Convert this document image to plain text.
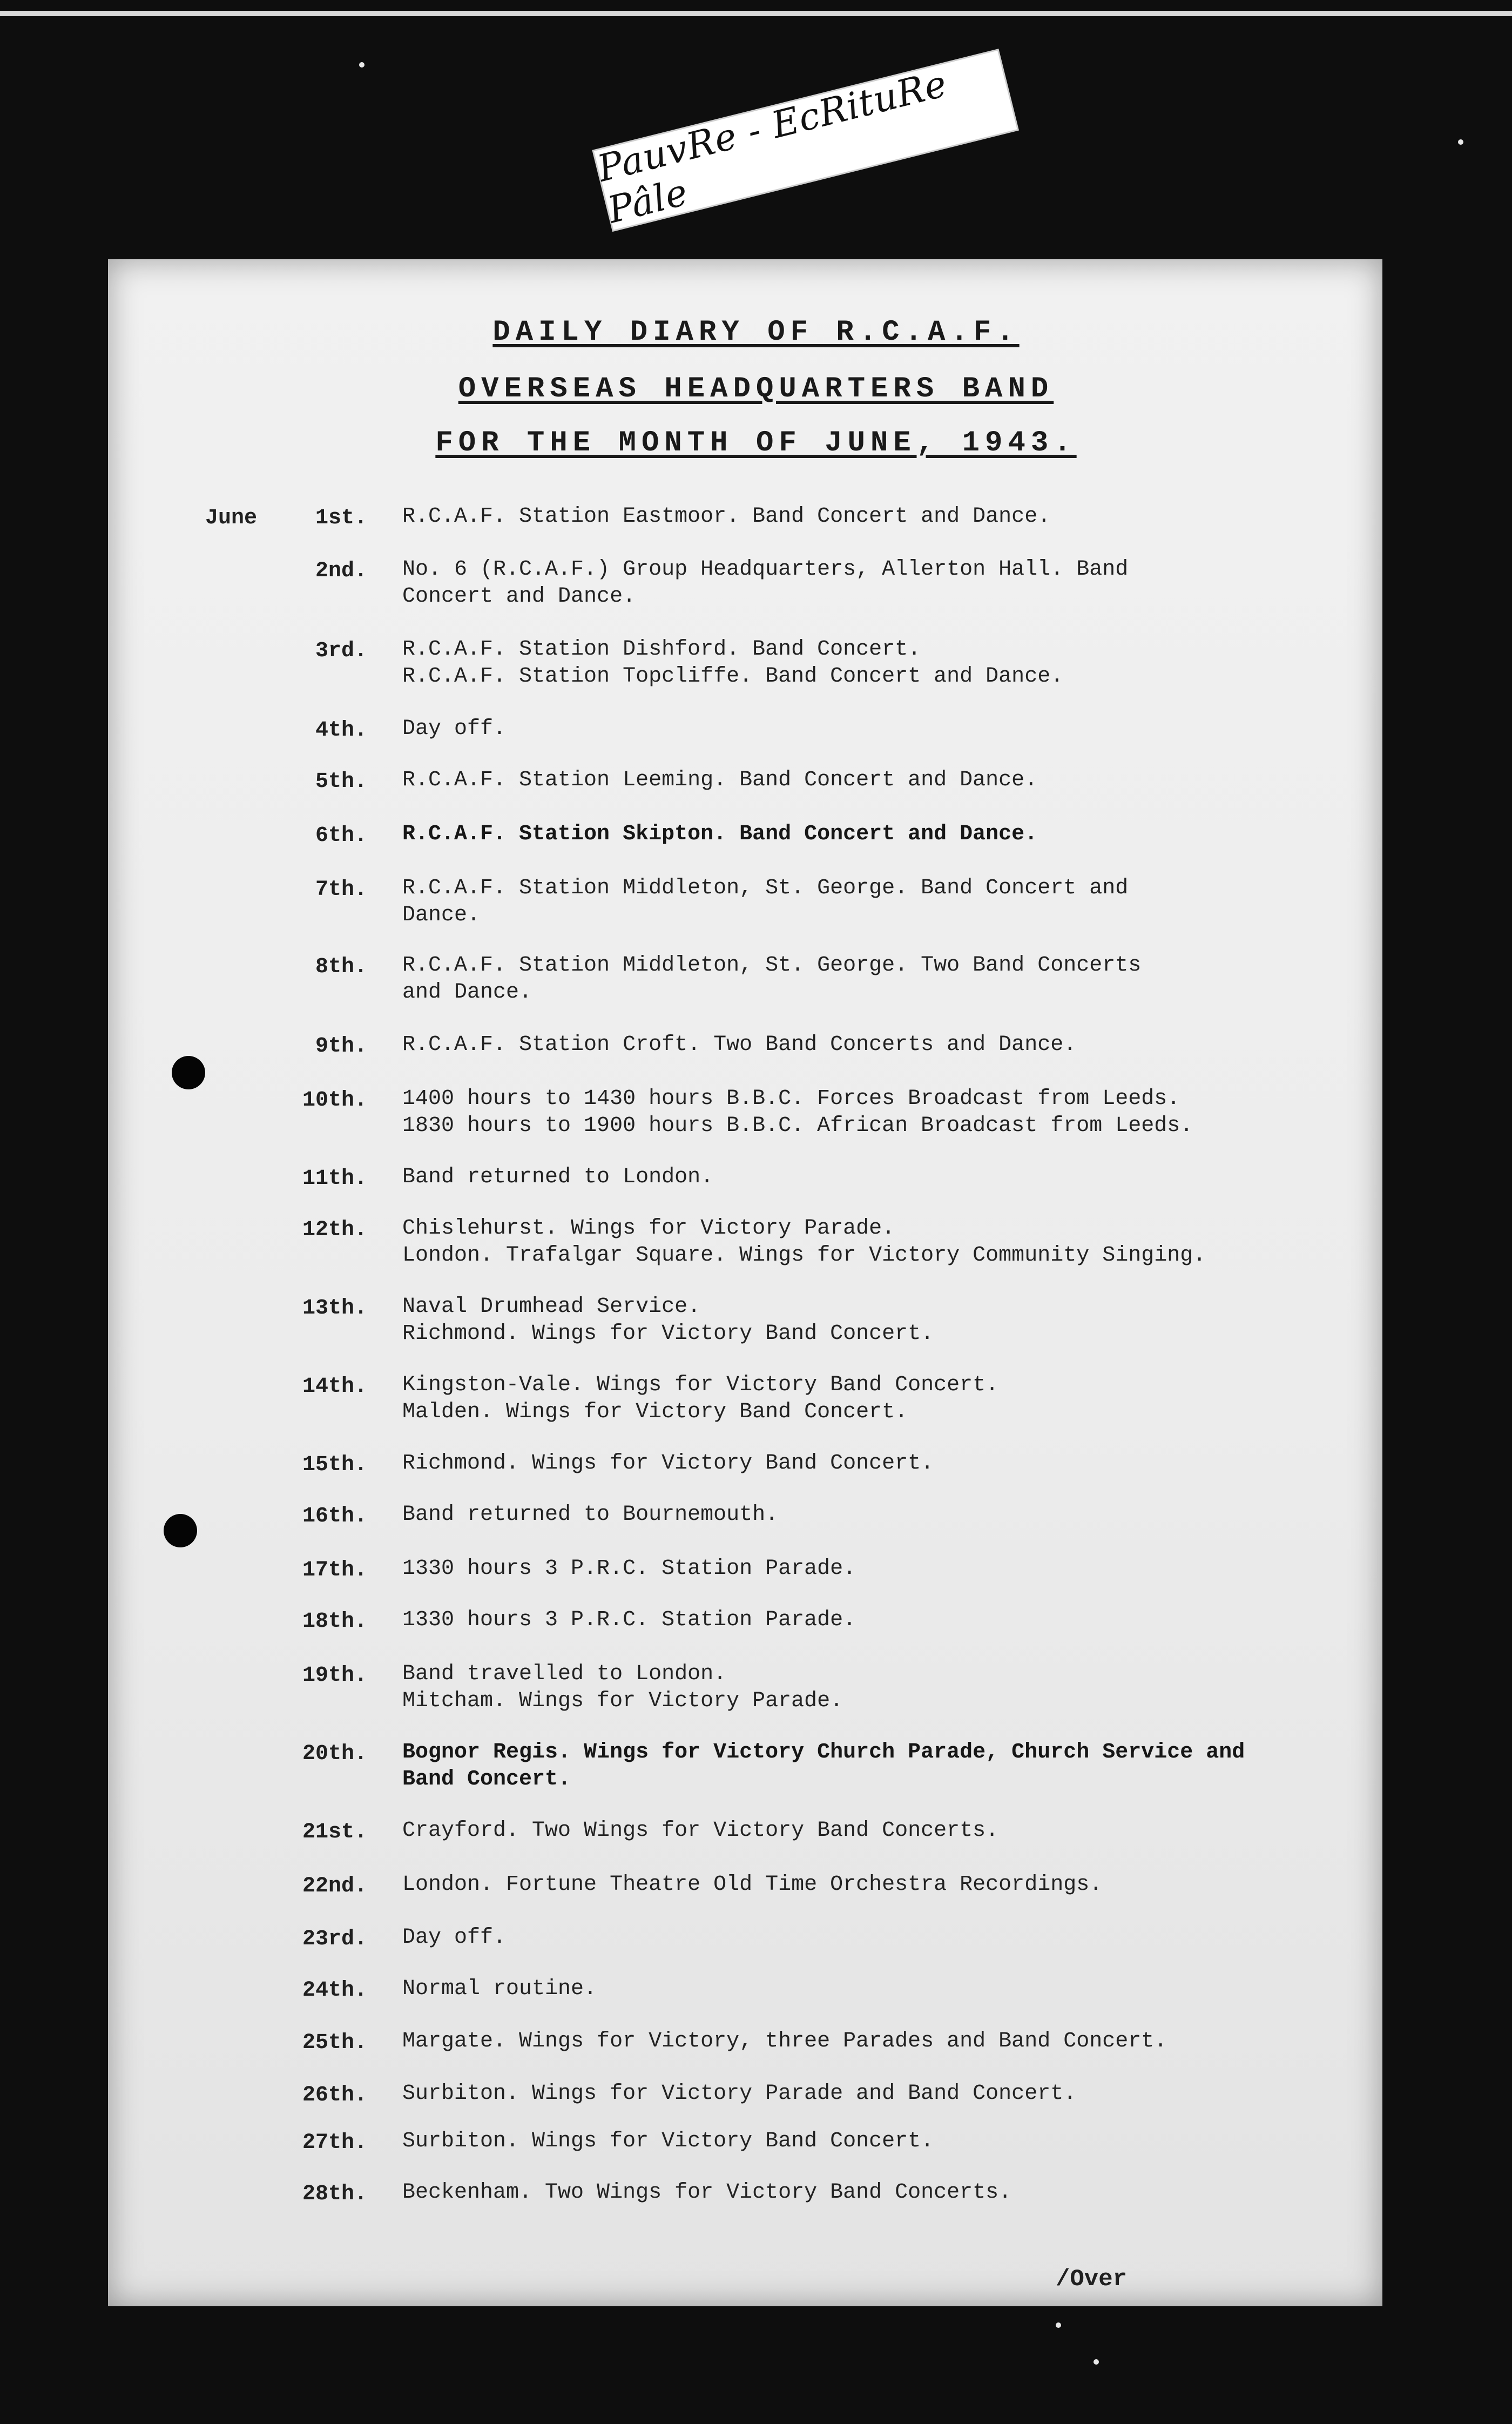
PauvRe - EcRituRe Pâle
DAILY DIARY OF R.C.A.F.
OVERSEAS HEADQUARTERS BAND
FOR THE MONTH OF JUNE, 1943.
June	1st. R.C.A.F. Station Eastmoor. Band Concert and Dance.
2nd. No. 6 (R.C.A.F.) Group Headquarters, Allerton Hall. Band
Concert and Dance.
3rd. R.C.A.F. Station Dishford. Band Concert.
R.C.A.F. Station Topcliffe. Band Concert and Dance.
4th. Day off.
5th. R.C.A.F. Station Leeming. Band Concert and Dance.
6th. R.C.A.F. Station Skipton. Band Concert and Dance.
7th. R.C.A.F. Station Middleton, St. George. Band Concert and
Dance.
8th. R.C.A.F. Station Middleton, St. George. Two Band Concerts
and Dance.
9th. R.C.A.F. Station Croft. Two Band Concerts and Dance.
10th. 1400 hours to 1430 hours B.B.C. Forces Broadcast from Leeds.
1830 hours to 1900 hours B.B.C. African Broadcast from Leeds.
11th. Band returned to London.
12th. Chislehurst. Wings for Victory Parade.
London. Trafalgar Square. Wings for Victory Community Singing.
13th. Naval Drumhead Service.
Richmond. Wings for Victory Band Concert.
14th. Kingston-Vale. Wings for Victory Band Concert.
Malden. Wings for Victory Band Concert.
15th. Richmond. Wings for Victory Band Concert.
16th. Band returned to Bournemouth.
17th. 1330 hours 3 P.R.C. Station Parade.
18th. 1330 hours 3 P.R.C. Station Parade.
19th. Band travelled to London.
Mitcham. Wings for Victory Parade.
20th. Bognor Regis. Wings for Victory Church Parade, Church Service and
Band Concert.
21st. Crayford. Two Wings for Victory Band Concerts.
22nd. London. Fortune Theatre Old Time Orchestra Recordings.
23rd. Day off.
24th. Normal routine.
25th. Margate. Wings for Victory, three Parades and Band Concert.
26th. Surbiton. Wings for Victory Parade and Band Concert.
27th. Surbiton. Wings for Victory Band Concert.
28th. Beckenham. Two Wings for Victory Band Concerts.
/Over
